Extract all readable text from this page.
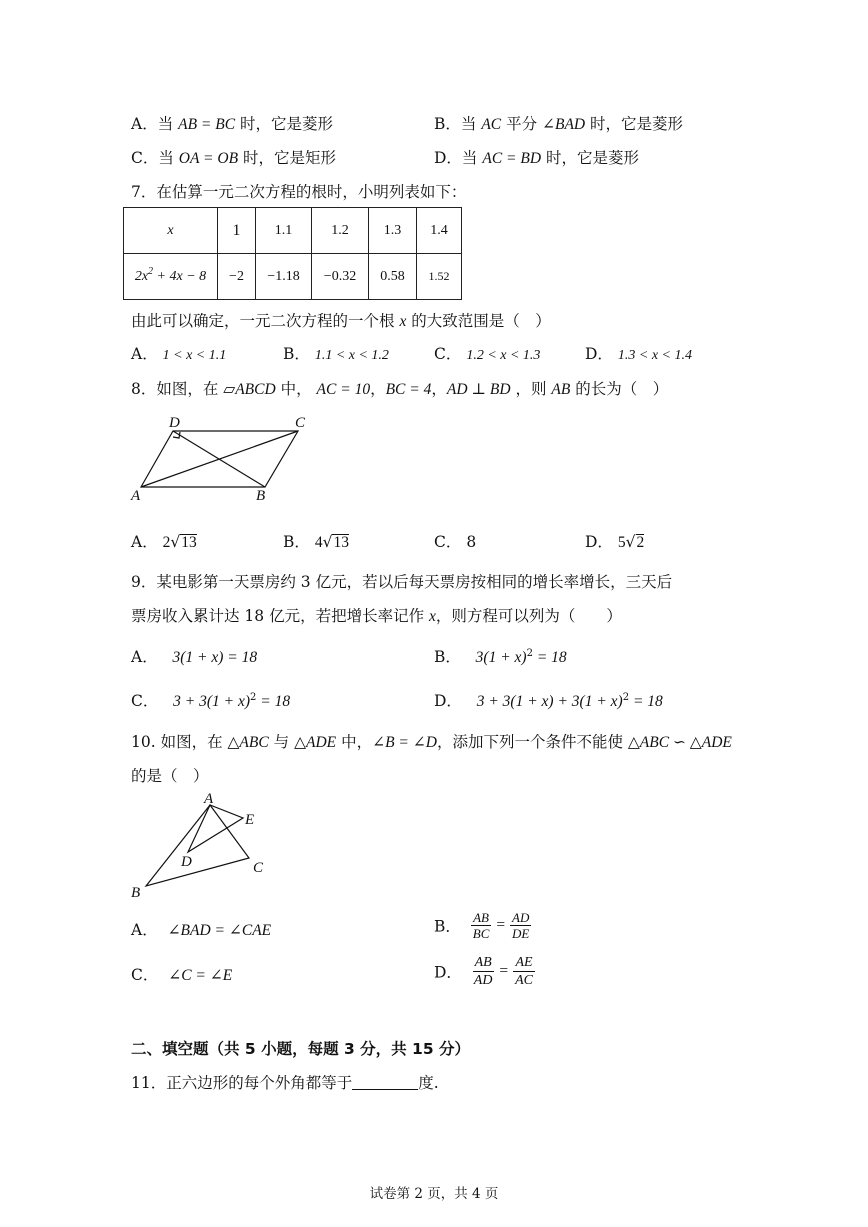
A．当 AB = BC 时，它是菱形	B．当 AC 平分 ∠BAD 时，它是菱形
C．当 OA = OB 时，它是矩形	D．当 AC = BD 时，它是菱形
7．在估算一元二次方程的根时，小明列表如下：
x	1	1.1	1.2	1.3	1.4
$2x^2 + 4x - 8$	−2	−1.18	−0.32	0.58	1.52
由此可以确定，一元二次方程的一个根 x 的大致范围是（　）
A． 1 < x < 1.1	B． 1.1 < x < 1.2	C． 1.2 < x < 1.3	D． 1.3 < x < 1.4
8．如图，在 ▱ABCD 中， AC = 10，BC = 4，AD ⊥ BD ，则 AB 的长为（　）
D	C
A	B
A． 2√13	B． 4√13	C． 8	D． 5√2
9．某电影第一天票房约 3 亿元，若以后每天票房按相同的增长率增长，三天后
票房收入累计达 18 亿元，若把增长率记作 x，则方程可以列为（　　）
A． 3(1 + x) = 18	B． $3(1 + x)^2 = 18$
C． $3 + 3(1 + x)^2 = 18$	D． $3 + 3(1 + x) + 3(1 + x)^2 = 18$
10. 如图，在 △ABC 与 △ADE 中，∠B = ∠D，添加下列一个条件不能使 △ABC ∽ △ADE
的是（　）
A
E
D	C
B
A． ∠BAD = ∠CAE	B． $\frac{AB}{BC} = \frac{AD}{DE}$
C． ∠C = ∠E	D． $\frac{AB}{AD} = \frac{AE}{AC}$
二、填空题（共 5 小题，每题 3 分，共 15 分）
11．正六边形的每个外角都等于	度.
试卷第 2 页，共 4 页
